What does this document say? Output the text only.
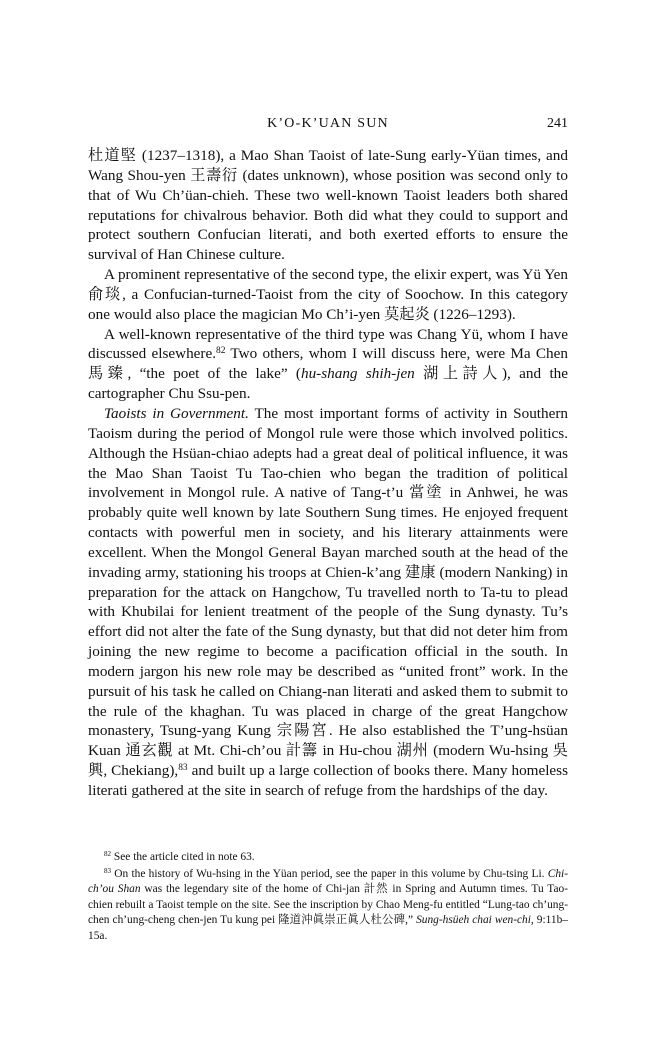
K’O-K’UAN SUN	241

杜道堅 (1237–1318), a Mao Shan Taoist of late-Sung early-Yüan times, and Wang Shou-yen 王壽衍 (dates unknown), whose position was second only to that of Wu Ch’üan-chieh. These two well-known Taoist leaders both shared reputations for chivalrous behavior. Both did what they could to support and protect southern Confucian literati, and both exerted efforts to ensure the survival of Han Chinese culture.

A prominent representative of the second type, the elixir expert, was Yü Yen 俞琰, a Confucian-turned-Taoist from the city of Soochow. In this category one would also place the magician Mo Ch’i-yen 莫起炎 (1226–1293).

A well-known representative of the third type was Chang Yü, whom I have discussed elsewhere.$^{82}$ Two others, whom I will discuss here, were Ma Chen 馬臻, “the poet of the lake” (hu-shang shih-jen 湖上詩人), and the cartographer Chu Ssu-pen.

Taoists in Government. The most important forms of activity in Southern Taoism during the period of Mongol rule were those which involved politics. Although the Hsüan-chiao adepts had a great deal of political influence, it was the Mao Shan Taoist Tu Tao-chien who began the tradition of political involvement in Mongol rule. A native of Tang-t’u 當塗 in Anhwei, he was probably quite well known by late Southern Sung times. He enjoyed frequent contacts with powerful men in society, and his literary attainments were excellent. When the Mongol General Bayan marched south at the head of the invading army, stationing his troops at Chien-k’ang 建康 (modern Nanking) in preparation for the attack on Hangchow, Tu travelled north to Ta-tu to plead with Khubilai for lenient treatment of the people of the Sung dynasty. Tu’s effort did not alter the fate of the Sung dynasty, but that did not deter him from joining the new regime to become a pacification official in the south. In modern jargon his new role may be described as “united front” work. In the pursuit of his task he called on Chiang-nan literati and asked them to submit to the rule of the khaghan. Tu was placed in charge of the great Hangchow monastery, Tsung-yang Kung 宗陽宮. He also established the T’ung-hsüan Kuan 通玄觀 at Mt. Chi-ch’ou 計籌 in Hu-chou 湖州 (modern Wu-hsing 吳興, Chekiang),$^{83}$ and built up a large collection of books there. Many homeless literati gathered at the site in search of refuge from the hardships of the day.

$^{82}$ See the article cited in note 63.

$^{83}$ On the history of Wu-hsing in the Yüan period, see the paper in this volume by Chu-tsing Li. Chi-ch’ou Shan was the legendary site of the home of Chi-jan 計然 in Spring and Autumn times. Tu Tao-chien rebuilt a Taoist temple on the site. See the inscription by Chao Meng-fu entitled “Lung-tao ch’ung-chen ch’ung-cheng chen-jen Tu kung pei 隆道沖眞崇正眞人杜公碑,” Sung-hsüeh chai wen-chi, 9:11b–15a.
